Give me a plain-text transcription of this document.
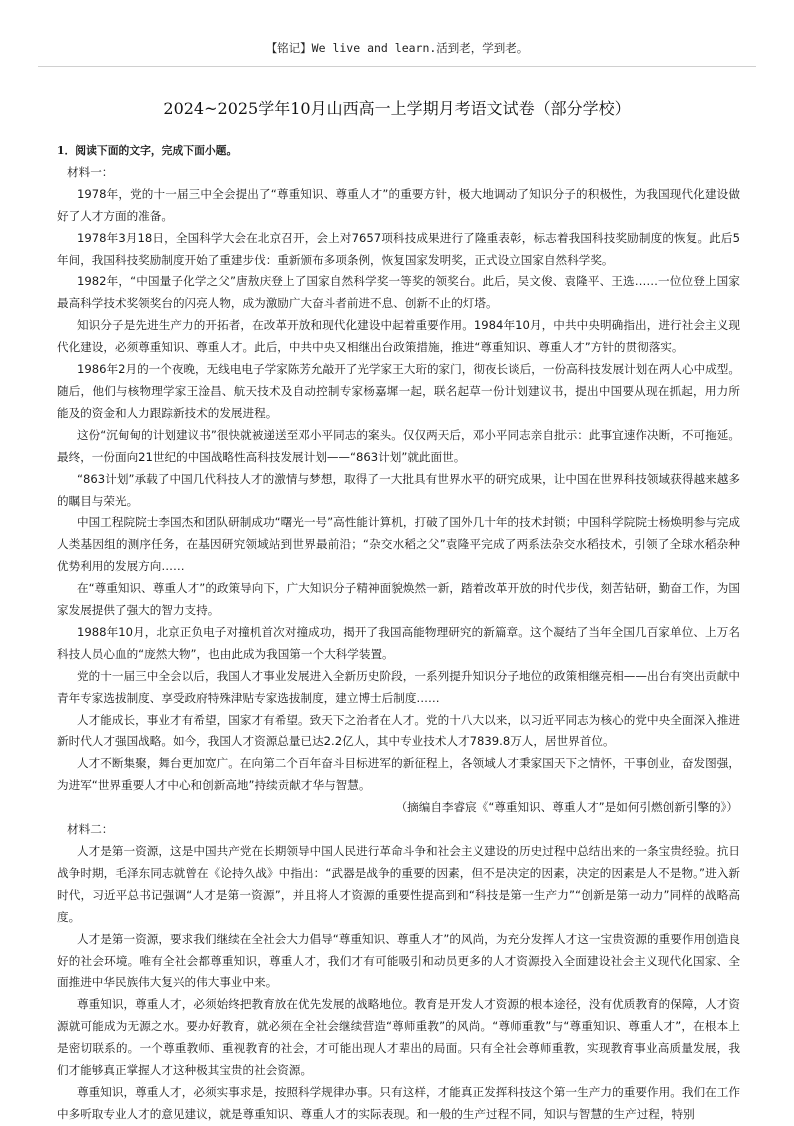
【铭记】We live and learn.活到老，学到老。
2024~2025学年10月山西高一上学期月考语文试卷（部分学校）

1．阅读下面的文字，完成下面小题。

材料一：

1978年，党的十一届三中全会提出了“尊重知识、尊重人才”的重要方针，极大地调动了知识分子的积极性，为我国现代化建设做好了人才方面的准备。

1978年3月18日，全国科学大会在北京召开，会上对7657项科技成果进行了隆重表彰，标志着我国科技奖励制度的恢复。此后5年间，我国科技奖励制度开始了重建步伐：重新颁布多项条例，恢复国家发明奖，正式设立国家自然科学奖。

1982年，“中国量子化学之父”唐敖庆登上了国家自然科学奖一等奖的领奖台。此后，吴文俊、袁隆平、王选……一位位登上国家最高科学技术奖领奖台的闪亮人物，成为激励广大奋斗者前进不息、创新不止的灯塔。

知识分子是先进生产力的开拓者，在改革开放和现代化建设中起着重要作用。1984年10月，中共中央明确指出，进行社会主义现代化建设，必须尊重知识、尊重人才。此后，中共中央又相继出台政策措施，推进“尊重知识、尊重人才”方针的贯彻落实。

1986年2月的一个夜晚，无线电电子学家陈芳允敲开了光学家王大珩的家门，彻夜长谈后，一份高科技发展计划在两人心中成型。随后，他们与核物理学家王淦昌、航天技术及自动控制专家杨嘉墀一起，联名起草一份计划建议书，提出中国要从现在抓起，用力所能及的资金和人力跟踪新技术的发展进程。

这份“沉甸甸的计划建议书”很快就被递送至邓小平同志的案头。仅仅两天后，邓小平同志亲自批示：此事宜速作决断，不可拖延。最终，一份面向21世纪的中国战略性高科技发展计划——“863计划”就此面世。

“863计划”承载了中国几代科技人才的激情与梦想，取得了一大批具有世界水平的研究成果，让中国在世界科技领域获得越来越多的瞩目与荣光。

中国工程院院士李国杰和团队研制成功“曙光一号”高性能计算机，打破了国外几十年的技术封锁；中国科学院院士杨焕明参与完成人类基因组的测序任务，在基因研究领域站到世界最前沿；“杂交水稻之父”袁隆平完成了两系法杂交水稻技术，引领了全球水稻杂种优势利用的发展方向……

在“尊重知识、尊重人才”的政策导向下，广大知识分子精神面貌焕然一新，踏着改革开放的时代步伐，刻苦钻研，勤奋工作，为国家发展提供了强大的智力支持。

1988年10月，北京正负电子对撞机首次对撞成功，揭开了我国高能物理研究的新篇章。这个凝结了当年全国几百家单位、上万名科技人员心血的“庞然大物”，也由此成为我国第一个大科学装置。

党的十一届三中全会以后，我国人才事业发展进入全新历史阶段，一系列提升知识分子地位的政策相继亮相——出台有突出贡献中青年专家选拔制度、享受政府特殊津贴专家选拔制度，建立博士后制度……

人才能成长，事业才有希望，国家才有希望。致天下之治者在人才。党的十八大以来，以习近平同志为核心的党中央全面深入推进新时代人才强国战略。如今，我国人才资源总量已达2.2亿人，其中专业技术人才7839.8万人，居世界首位。

人才不断集聚，舞台更加宽广。在向第二个百年奋斗目标进军的新征程上，各领域人才秉家国天下之情怀，干事创业，奋发图强，为进军“世界重要人才中心和创新高地”持续贡献才华与智慧。

（摘编自李睿宸《“尊重知识、尊重人才”是如何引燃创新引擎的》）

材料二：

人才是第一资源，这是中国共产党在长期领导中国人民进行革命斗争和社会主义建设的历史过程中总结出来的一条宝贵经验。抗日战争时期，毛泽东同志就曾在《论持久战》中指出：“武器是战争的重要的因素，但不是决定的因素，决定的因素是人不是物。”进入新时代，习近平总书记强调“人才是第一资源”，并且将人才资源的重要性提高到和“科技是第一生产力”“创新是第一动力”同样的战略高度。

人才是第一资源，要求我们继续在全社会大力倡导“尊重知识、尊重人才”的风尚，为充分发挥人才这一宝贵资源的重要作用创造良好的社会环境。唯有全社会都尊重知识，尊重人才，我们才有可能吸引和动员更多的人才资源投入全面建设社会主义现代化国家、全面推进中华民族伟大复兴的伟大事业中来。

尊重知识，尊重人才，必须始终把教育放在优先发展的战略地位。教育是开发人才资源的根本途径，没有优质教育的保障，人才资源就可能成为无源之水。要办好教育，就必须在全社会继续营造“尊师重教”的风尚。“尊师重教”与“尊重知识、尊重人才”，在根本上是密切联系的。一个尊重教师、重视教育的社会，才可能出现人才辈出的局面。只有全社会尊师重教，实现教育事业高质量发展，我们才能够真正掌握人才这种极其宝贵的社会资源。

尊重知识，尊重人才，必须实事求是，按照科学规律办事。只有这样，才能真正发挥科技这个第一生产力的重要作用。我们在工作中多听取专业人才的意见建议，就是尊重知识、尊重人才的实际表现。和一般的生产过程不同，知识与智慧的生产过程，特别
